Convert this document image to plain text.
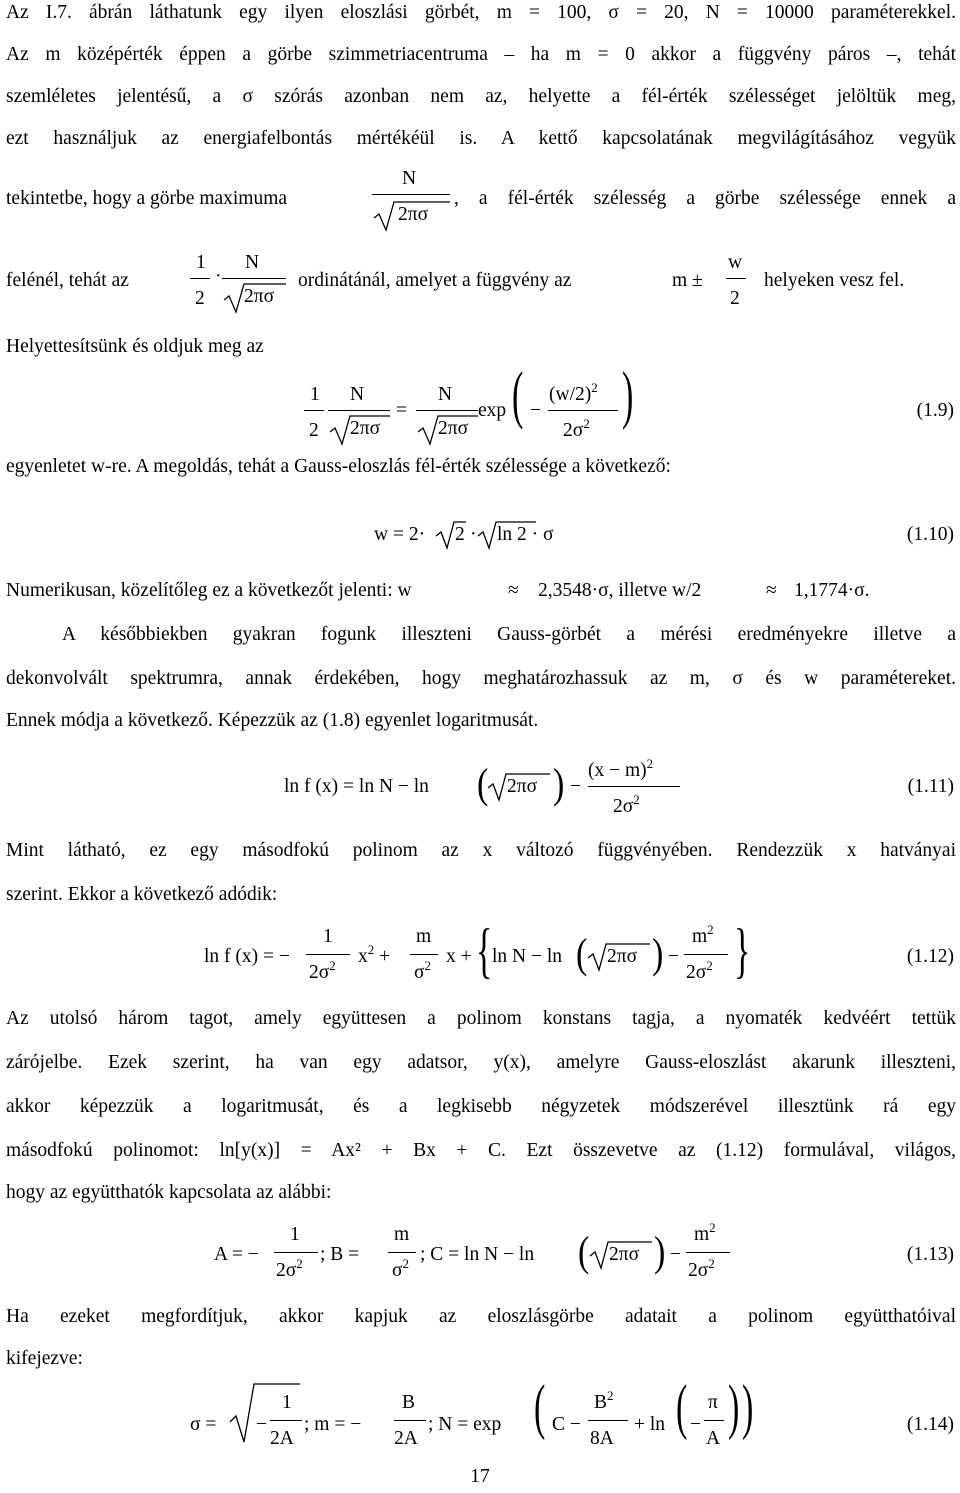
Az I.7. ábrán láthatunk egy ilyen eloszlási görbét, m = 100, σ = 20, N = 10000 paraméterekkel.
Az m középérték éppen a görbe szimmetriacentruma – ha m = 0 akkor a függvény páros –, tehát
szemléletes jelentésű, a σ szórás azonban nem az, helyette a fél-érték szélességet jelöltük meg,
ezt használjuk az energiafelbontás mértékéül is. A kettő kapcsolatának megvilágításához vegyük
tekintetbe, hogy a görbe maximuma
N
2πσ
, a fél-érték szélesség a görbe szélessége ennek a
felénél, tehát az
1
2
·
N
2πσ
ordinátánál, amelyet a függvény az	m ±
w
2
helyeken vesz fel.
Helyettesítsünk és oldjuk meg az
1
2
N
2πσ
=
N
2πσ
exp ( −
$(w/2)^2$
$2\sigma^2$ )	(1.9)
egyenletet w-re. A megoldás, tehát a Gauss-eloszlás fél-érték szélessége a következő:
w = 2· 2 · ln 2 · σ	(1.10)
Numerikusan, közelítőleg ez a következőt jelenti: w	≈ 2,3548·σ, illetve w/2	≈ 1,1774·σ.
A későbbiekben gyakran fogunk illeszteni Gauss-görbét a mérési eredményekre illetve a
dekonvolvált spektrumra, annak érdekében, hogy meghatározhassuk az m, σ és w paramétereket.
Ennek módja a következő. Képezzük az (1.8) egyenlet logaritmusát.
ln f (x) = ln N − ln ( 2πσ ) −
$(x - m)^2$
$2\sigma^2$
(1.11)
Mint látható, ez egy másodfokú polinom az x változó függvényében. Rendezzük x hatványai
szerint. Ekkor a következő adódik:
ln f (x) = −
1
$2\sigma^2$ $x^2$ +
m
$\sigma^2$ x + { ln N − ln ( 2πσ ) −
$m^2$
$2\sigma^2$ }	(1.12)
Az utolsó három tagot, amely együttesen a polinom konstans tagja, a nyomaték kedvéért tettük
zárójelbe. Ezek szerint, ha van egy adatsor, y(x), amelyre Gauss-eloszlást akarunk illeszteni,
akkor képezzük a logaritmusát, és a legkisebb négyzetek módszerével illesztünk rá egy
másodfokú polinomot: ln[y(x)] = Ax² + Bx + C. Ezt összevetve az (1.12) formulával, világos,
hogy az együtthatók kapcsolata az alábbi:
A = −
1
$2\sigma^2$ ; B =
m
$\sigma^2$ ; C = ln N − ln ( 2πσ ) −
$m^2$
$2\sigma^2$	(1.13)
Ha ezeket megfordítjuk, akkor kapjuk az eloszlásgörbe adatait a polinom együtthatóival
kifejezve:
σ = −
1
2A
; m = −
B
2A
; N = exp ( C −
$B^2$
8A
+ ln ( −
π
A ) )	(1.14)
17
